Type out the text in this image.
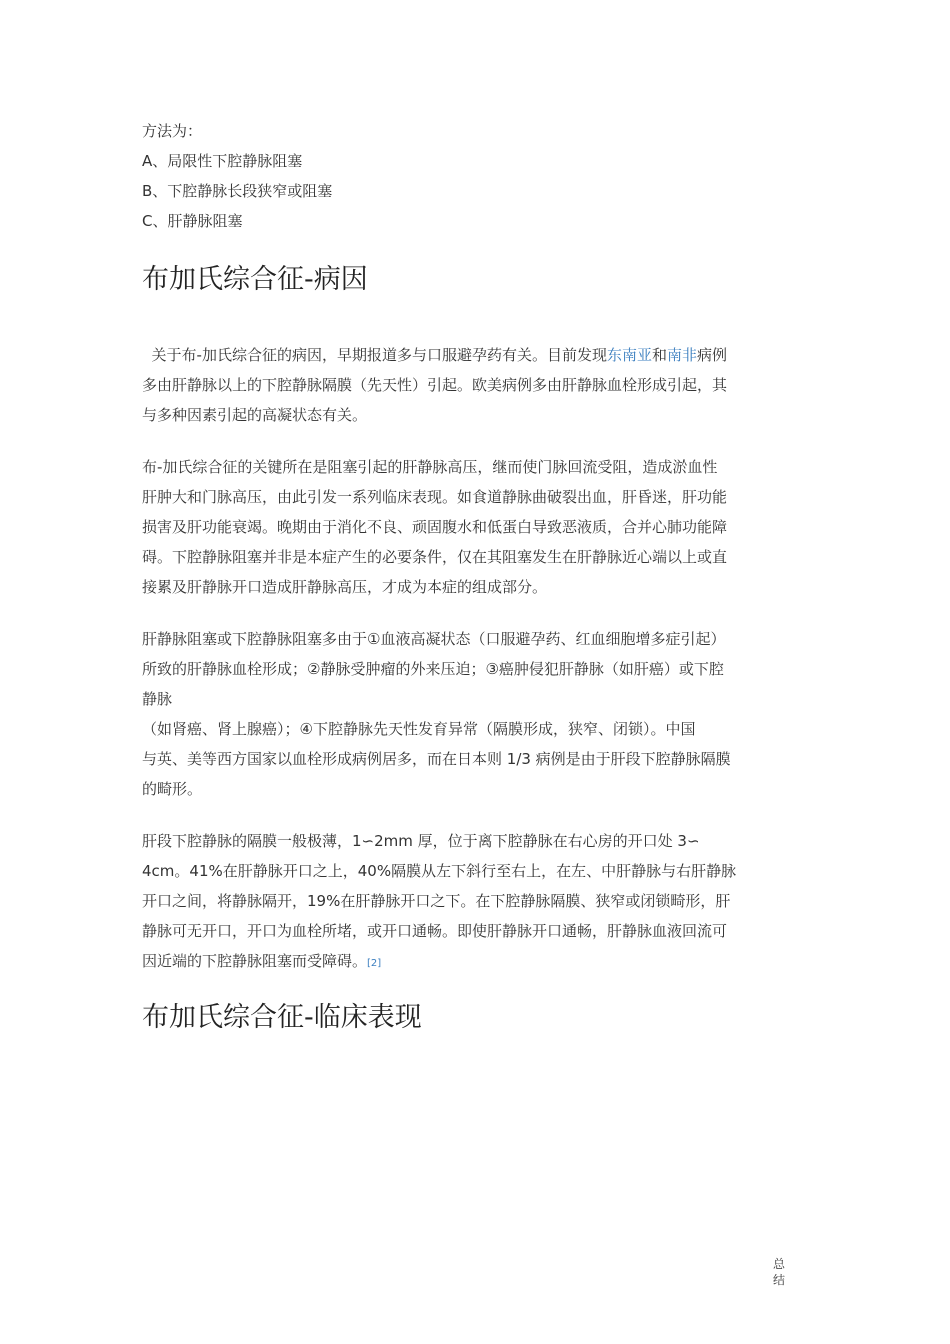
方法为：

A、局限性下腔静脉阻塞

B、下腔静脉长段狭窄或阻塞

C、肝静脉阻塞

布加氏综合征-病因
关于布-加氏综合征的病因，早期报道多与口服避孕药有关。目前发现东南亚和南非病例
多由肝静脉以上的下腔静脉隔膜（先天性）引起。欧美病例多由肝静脉血栓形成引起，其
与多种因素引起的高凝状态有关。
布-加氏综合征的关键所在是阻塞引起的肝静脉高压，继而使门脉回流受阻，造成淤血性
肝肿大和门脉高压，由此引发一系列临床表现。如食道静脉曲破裂出血，肝昏迷，肝功能
损害及肝功能衰竭。晚期由于消化不良、顽固腹水和低蛋白导致恶液质，合并心肺功能障
碍。下腔静脉阻塞并非是本症产生的必要条件，仅在其阻塞发生在肝静脉近心端以上或直
接累及肝静脉开口造成肝静脉高压，才成为本症的组成部分。
肝静脉阻塞或下腔静脉阻塞多由于①血液高凝状态（口服避孕药、红血细胞增多症引起）
所致的肝静脉血栓形成；②静脉受肿瘤的外来压迫；③癌肿侵犯肝静脉（如肝癌）或下腔
静脉
（如肾癌、肾上腺癌）；④下腔静脉先天性发育异常（隔膜形成，狭窄、闭锁）。中国
与英、美等西方国家以血栓形成病例居多，而在日本则 1/3 病例是由于肝段下腔静脉隔膜
的畸形。
肝段下腔静脉的隔膜一般极薄，1∽2mm 厚，位于离下腔静脉在右心房的开口处 3∽
4cm。41%在肝静脉开口之上，40%隔膜从左下斜行至右上，在左、中肝静脉与右肝静脉
开口之间，将静脉隔开，19%在肝静脉开口之下。在下腔静脉隔膜、狭窄或闭锁畸形，肝
静脉可无开口，开口为血栓所堵，或开口通畅。即使肝静脉开口通畅，肝静脉血液回流可
因近端的下腔静脉阻塞而受障碍。[2]
布加氏综合征-临床表现
总
结
